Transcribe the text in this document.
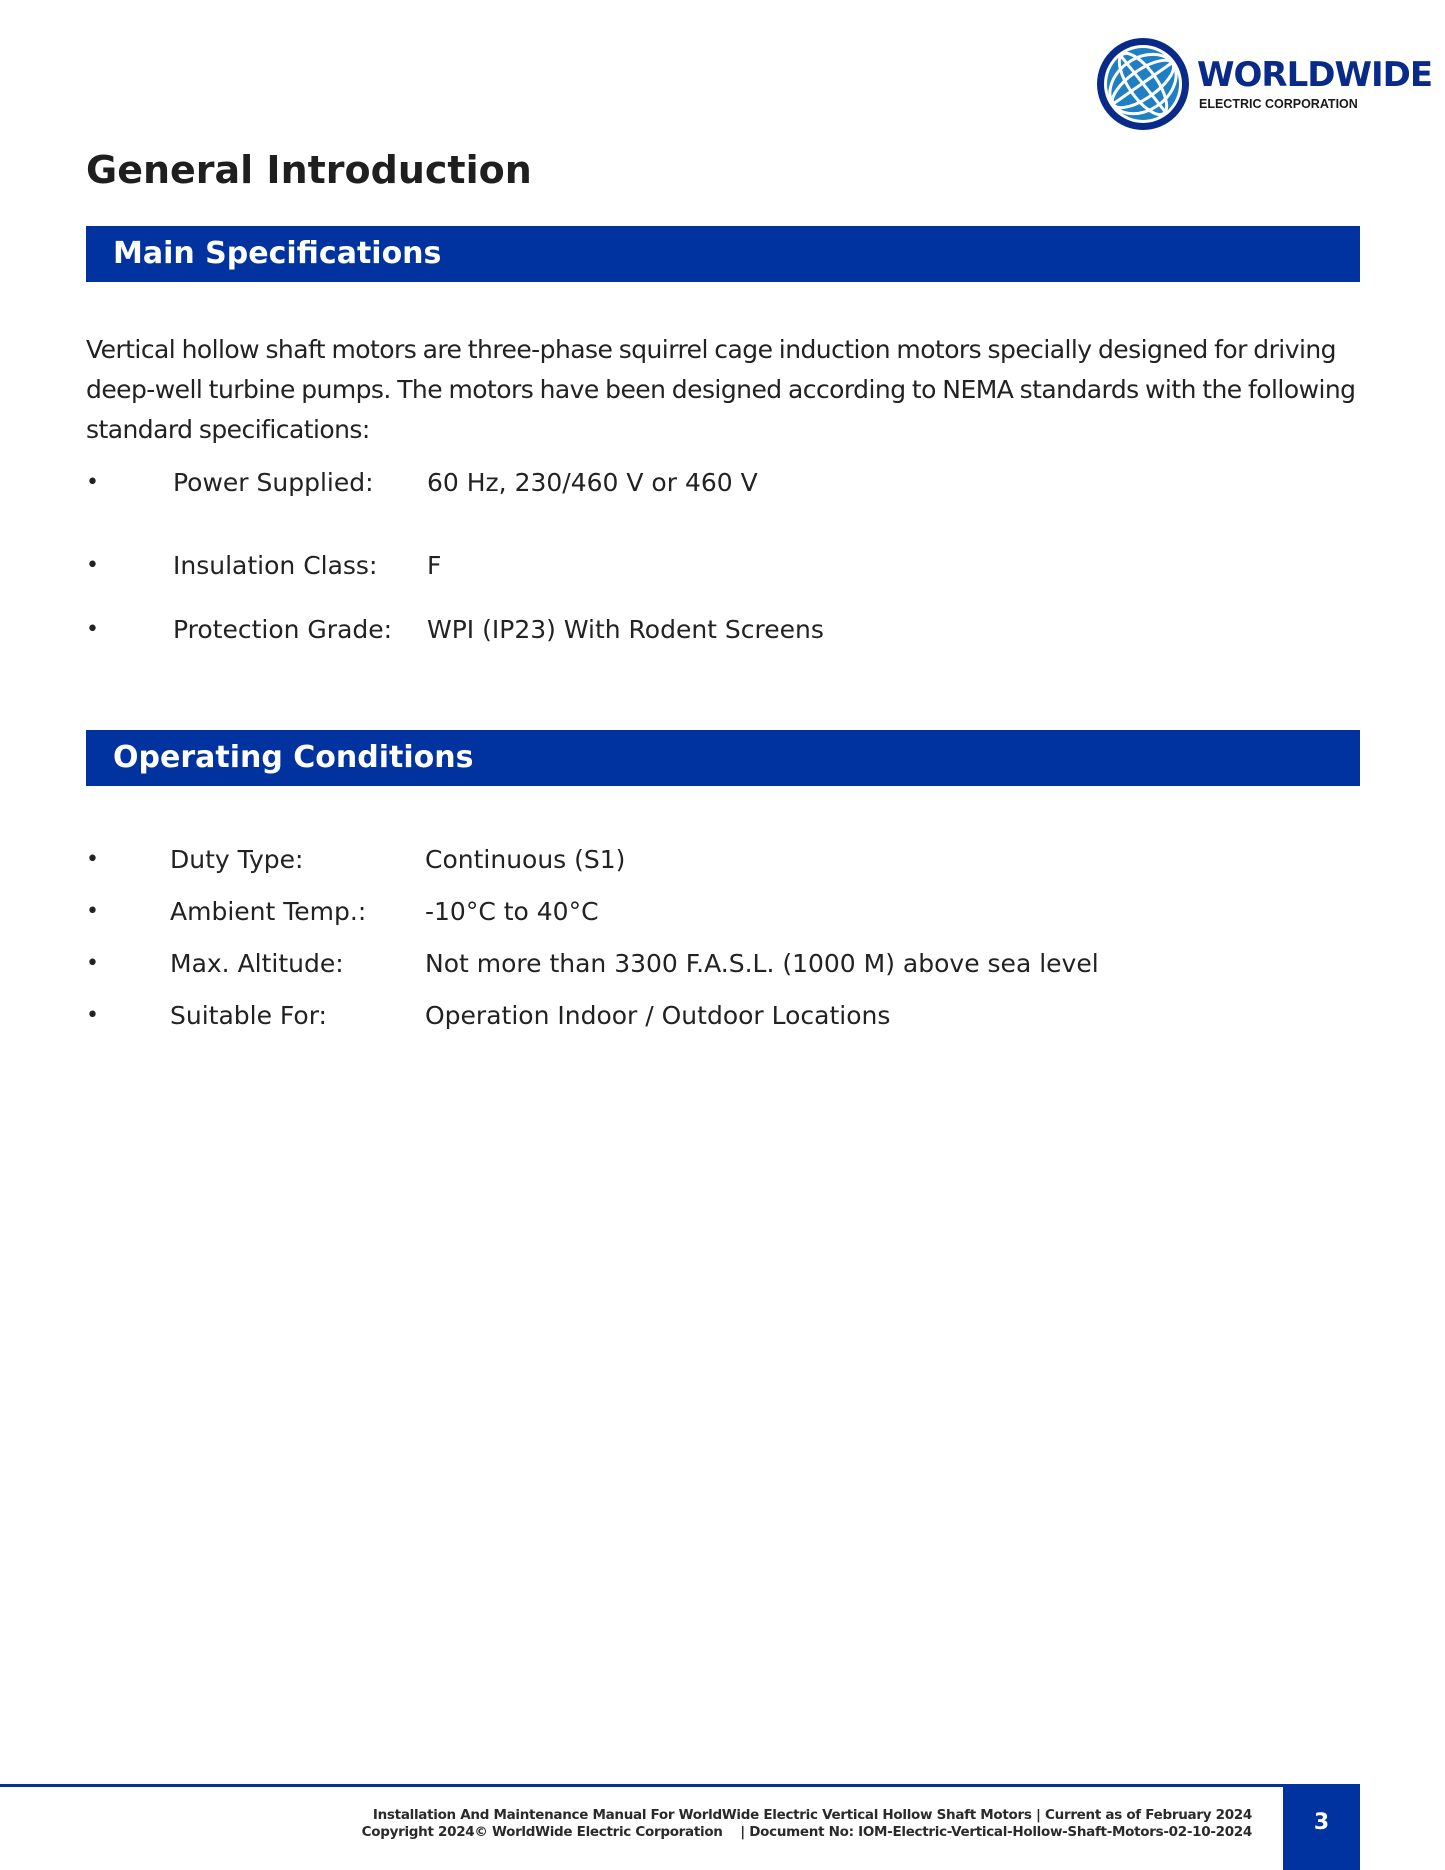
WORLDWIDE
ELECTRIC CORPORATION
General Introduction
Main Specifications

Vertical hollow shaft motors are three-phase squirrel cage induction motors specially designed for driving deep-well turbine pumps. The motors have been designed according to NEMA standards with the following standard specifications:

•	Power Supplied: 60 Hz, 230/460 V or 460 V
•	Insulation Class: F
•	Protection Grade: WPI (IP23) With Rodent Screens
Operating Conditions
•	Duty Type:	Continuous (S1)
•	Ambient Temp.: -10°C to 40°C
•	Max. Altitude:	Not more than 3300 F.A.S.L. (1000 M) above sea level
•	Suitable For:	Operation Indoor / Outdoor Locations
Installation And Maintenance Manual For WorldWide Electric Vertical Hollow Shaft Motors | Current as of February 2024
Copyright 2024© WorldWide Electric Corporation    | Document No: IOM-Electric-Vertical-Hollow-Shaft-Motors-02-10-2024	3
